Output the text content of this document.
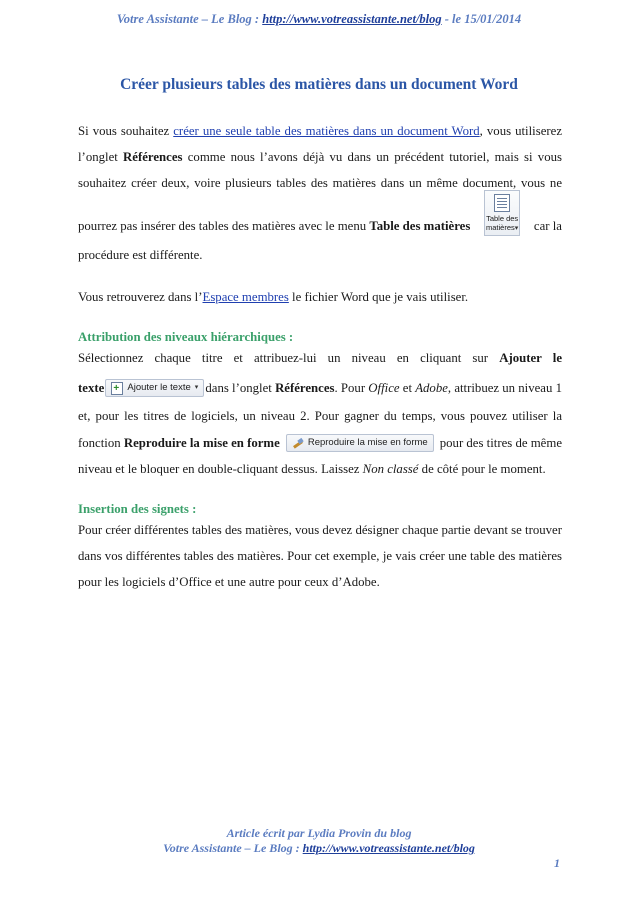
Votre Assistante – Le Blog : http://www.votreassistante.net/blog - le 15/01/2014
Créer plusieurs tables des matières dans un document Word
Si vous souhaitez créer une seule table des matières dans un document Word, vous utiliserez
l’onglet Références comme nous l’avons déjà vu dans un précédent tutoriel, mais si vous
souhaitez créer deux, voire plusieurs tables des matières dans un même document, vous ne
pourrez pas insérer des tables des matières avec le menu Table des matières
Table des
matières▾ car la
procédure est différente.
Vous retrouverez dans l’Espace membres le fichier Word que je vais utiliser.
Attribution des niveaux hiérarchiques :
Sélectionnez chaque titre et attribuez-lui un niveau en cliquant sur Ajouter le
texte
+ Ajouter le texte ▾ dans l’onglet Références. Pour Office et Adobe, attribuez un niveau 1
et, pour les titres de logiciels, un niveau 2. Pour gagner du temps, vous pouvez utiliser la
fonction Reproduire la mise en forme	Reproduire la mise en forme pour des titres de même
niveau et le bloquer en double-cliquant dessus. Laissez Non classé de côté pour le moment.
Insertion des signets :
Pour créer différentes tables des matières, vous devez désigner chaque partie devant se trouver
dans vos différentes tables des matières. Pour cet exemple, je vais créer une table des matières
pour les logiciels d’Office et une autre pour ceux d’Adobe.
Article écrit par Lydia Provin du blog
Votre Assistante – Le Blog : http://www.votreassistante.net/blog
1
